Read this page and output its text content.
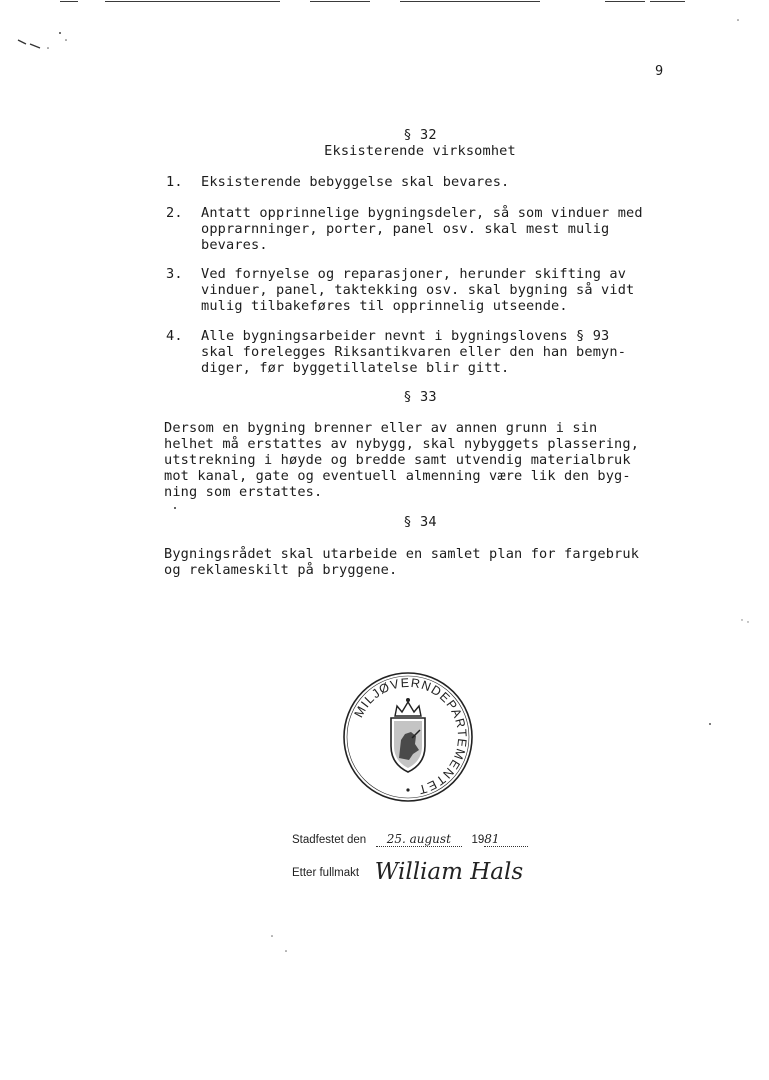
9
§ 32
Eksisterende virksomhet
1. Eksisterende bebyggelse skal bevares.
2. Antatt opprinnelige bygningsdeler, så som vinduer med
opprarnninger, porter, panel osv. skal mest mulig
bevares.
3. Ved fornyelse og reparasjoner, herunder skifting av
vinduer, panel, taktekking osv. skal bygning så vidt
mulig tilbakeføres til opprinnelig utseende.
4. Alle bygningsarbeider nevnt i bygningslovens § 93
skal forelegges Riksantikvaren eller den han bemyn-
diger, før byggetillatelse blir gitt.
§ 33
Dersom en bygning brenner eller av annen grunn i sin
helhet må erstattes av nybygg, skal nybyggets plassering,
utstrekning i høyde og bredde samt utvendig materialbruk
mot kanal, gate og eventuell almenning være lik den byg-
ning som erstattes.
§ 34
Bygningsrådet skal utarbeide en samlet plan for fargebruk
og reklameskilt på bryggene.
MILJØVERNDEPARTEMENTET
Stadfestet den 25. august 1981
Etter fullmakt William Hals
